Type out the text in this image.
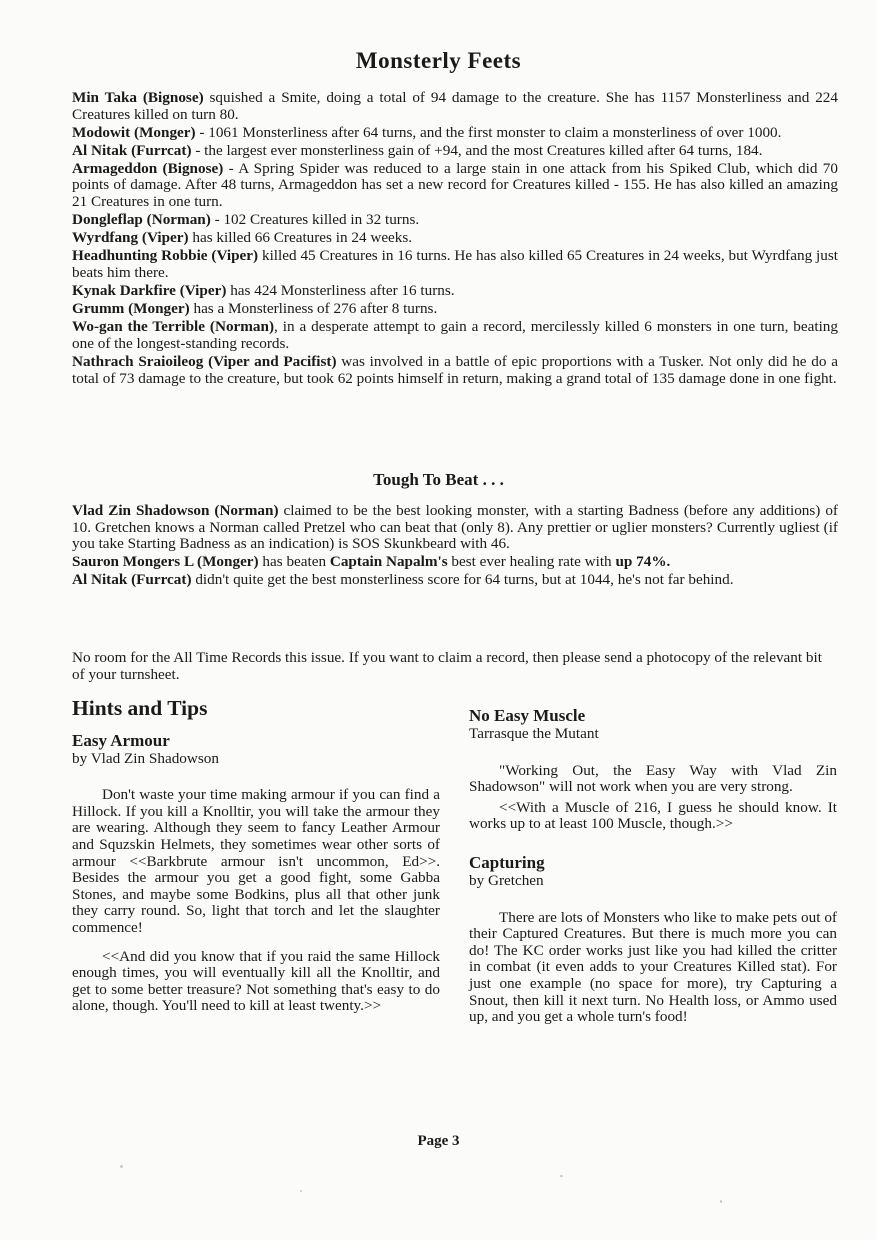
Monsterly Feets

Min Taka (Bignose) squished a Smite, doing a total of 94 damage to the creature. She has 1157 Monsterliness and 224 Creatures killed on turn 80.

Modowit (Monger) - 1061 Monsterliness after 64 turns, and the first monster to claim a monsterliness of over 1000.

Al Nitak (Furrcat) - the largest ever monsterliness gain of +94, and the most Creatures killed after 64 turns, 184.

Armageddon (Bignose) - A Spring Spider was reduced to a large stain in one attack from his Spiked Club, which did 70 points of damage. After 48 turns, Armageddon has set a new record for Creatures killed - 155. He has also killed an amazing 21 Creatures in one turn.

Dongleflap (Norman) - 102 Creatures killed in 32 turns.

Wyrdfang (Viper) has killed 66 Creatures in 24 weeks.

Headhunting Robbie (Viper) killed 45 Creatures in 16 turns. He has also killed 65 Creatures in 24 weeks, but Wyrdfang just beats him there.

Kynak Darkfire (Viper) has 424 Monsterliness after 16 turns.

Grumm (Monger) has a Monsterliness of 276 after 8 turns.

Wo-gan the Terrible (Norman), in a desperate attempt to gain a record, mercilessly killed 6 monsters in one turn, beating one of the longest-standing records.

Nathrach Sraioileog (Viper and Pacifist) was involved in a battle of epic proportions with a Tusker. Not only did he do a total of 73 damage to the creature, but took 62 points himself in return, making a grand total of 135 damage done in one fight.

Tough To Beat . . .

Vlad Zin Shadowson (Norman) claimed to be the best looking monster, with a starting Badness (before any additions) of 10. Gretchen knows a Norman called Pretzel who can beat that (only 8). Any prettier or uglier monsters? Currently ugliest (if you take Starting Badness as an indication) is SOS Skunkbeard with 46.

Sauron Mongers L (Monger) has beaten Captain Napalm's best ever healing rate with up 74%.

Al Nitak (Furrcat) didn't quite get the best monsterliness score for 64 turns, but at 1044, he's not far behind.

No room for the All Time Records this issue. If you want to claim a record, then please send a photocopy of the relevant bit of your turnsheet.
Hints and Tips
Easy Armour
by Vlad Zin Shadowson

Don't waste your time making armour if you can find a Hillock. If you kill a Knolltir, you will take the armour they are wearing. Although they seem to fancy Leather Armour and Squzskin Helmets, they sometimes wear other sorts of armour <<Barkbrute armour isn't uncommon, Ed>>. Besides the armour you get a good fight, some Gabba Stones, and maybe some Bodkins, plus all that other junk they carry round. So, light that torch and let the slaughter commence!

<<And did you know that if you raid the same Hillock enough times, you will eventually kill all the Knolltir, and get to some better treasure? Not something that's easy to do alone, though. You'll need to kill at least twenty.>>

No Easy Muscle
Tarrasque the Mutant

"Working Out, the Easy Way with Vlad Zin Shadowson" will not work when you are very strong.

<<With a Muscle of 216, I guess he should know. It works up to at least 100 Muscle, though.>>

Capturing
by Gretchen

There are lots of Monsters who like to make pets out of their Captured Creatures. But there is much more you can do! The KC order works just like you had killed the critter in combat (it even adds to your Creatures Killed stat). For just one example (no space for more), try Capturing a Snout, then kill it next turn. No Health loss, or Ammo used up, and you get a whole turn's food!

Page 3
